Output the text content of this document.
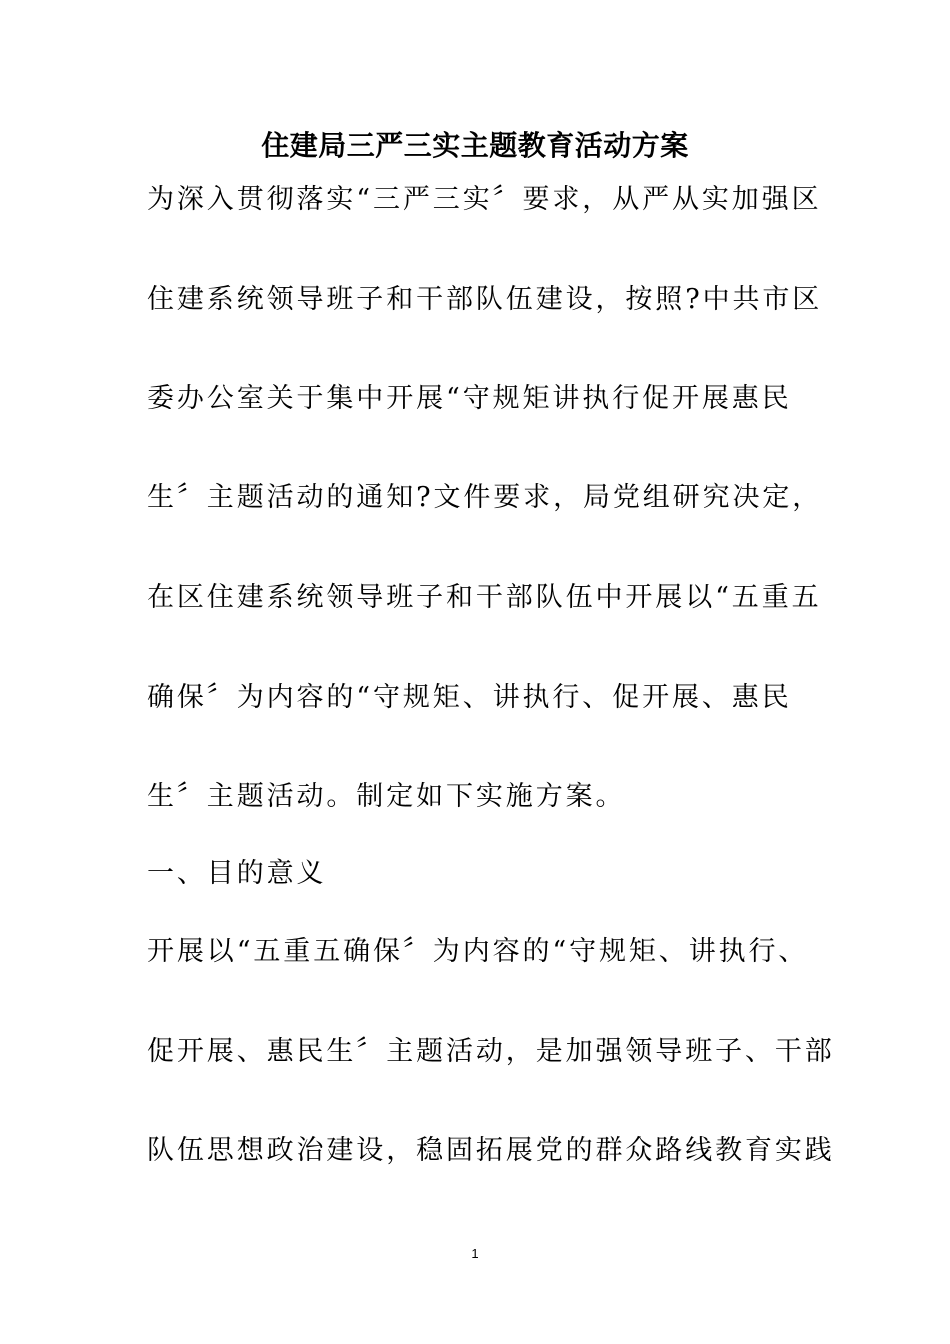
住建局三严三实主题教育活动方案

为深入贯彻落实“三严三实〞要求，从严从实加强区

住建系统领导班子和干部队伍建设，按照?中共市区

委办公室关于集中开展“守规矩讲执行促开展惠民

生〞主题活动的通知?文件要求，局党组研究决定，

在区住建系统领导班子和干部队伍中开展以“五重五

确保〞为内容的“守规矩、讲执行、促开展、惠民

生〞主题活动。制定如下实施方案。

一、目的意义

开展以“五重五确保〞为内容的“守规矩、讲执行、

促开展、惠民生〞主题活动，是加强领导班子、干部

队伍思想政治建设，稳固拓展党的群众路线教育实践

1
